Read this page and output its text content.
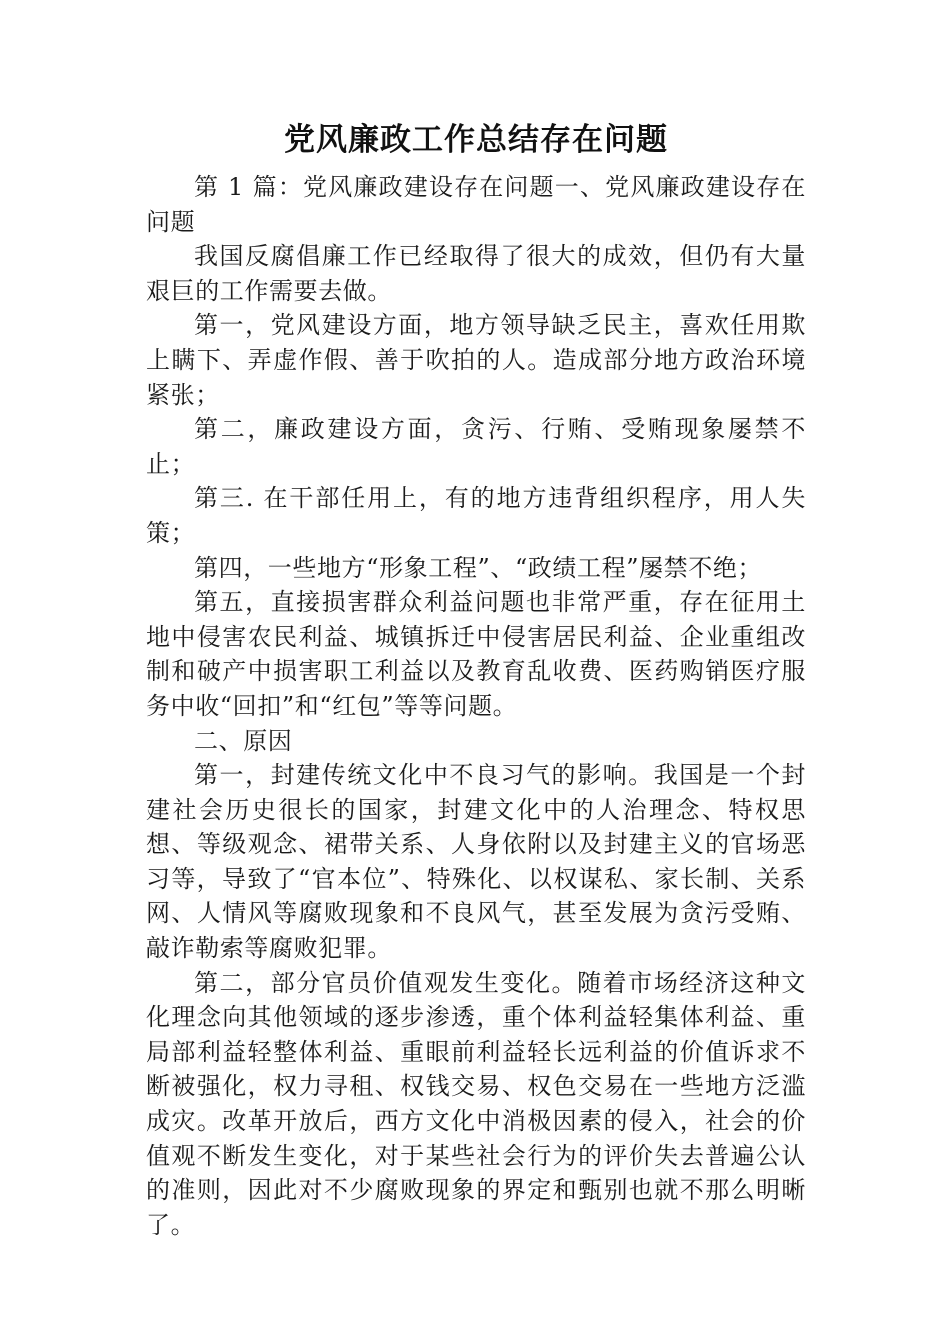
党风廉政工作总结存在问题

第 1 篇：党风廉政建设存在问题一、党风廉政建设存在问题

我国反腐倡廉工作已经取得了很大的成效，但仍有大量艰巨的工作需要去做。

第一，党风建设方面，地方领导缺乏民主，喜欢任用欺上瞒下、弄虚作假、善于吹拍的人。造成部分地方政治环境紧张；

第二，廉政建设方面，贪污、行贿、受贿现象屡禁不止；

第三. 在干部任用上，有的地方违背组织程序，用人失策；

第四，一些地方“形象工程”、“政绩工程”屡禁不绝；

第五，直接损害群众利益问题也非常严重，存在征用土地中侵害农民利益、城镇拆迁中侵害居民利益、企业重组改制和破产中损害职工利益以及教育乱收费、医药购销医疗服务中收“回扣”和“红包”等等问题。

二、原因

第一，封建传统文化中不良习气的影响。我国是一个封建社会历史很长的国家，封建文化中的人治理念、特权思想、等级观念、裙带关系、人身依附以及封建主义的官场恶习等，导致了“官本位”、特殊化、以权谋私、家长制、关系网、人情风等腐败现象和不良风气，甚至发展为贪污受贿、敲诈勒索等腐败犯罪。

第二，部分官员价值观发生变化。随着市场经济这种文化理念向其他领域的逐步渗透，重个体利益轻集体利益、重局部利益轻整体利益、重眼前利益轻长远利益的价值诉求不断被强化，权力寻租、权钱交易、权色交易在一些地方泛滥成灾。改革开放后，西方文化中消极因素的侵入，社会的价值观不断发生变化，对于某些社会行为的评价失去普遍公认的准则，因此对不少腐败现象的界定和甄别也就不那么明晰了。
